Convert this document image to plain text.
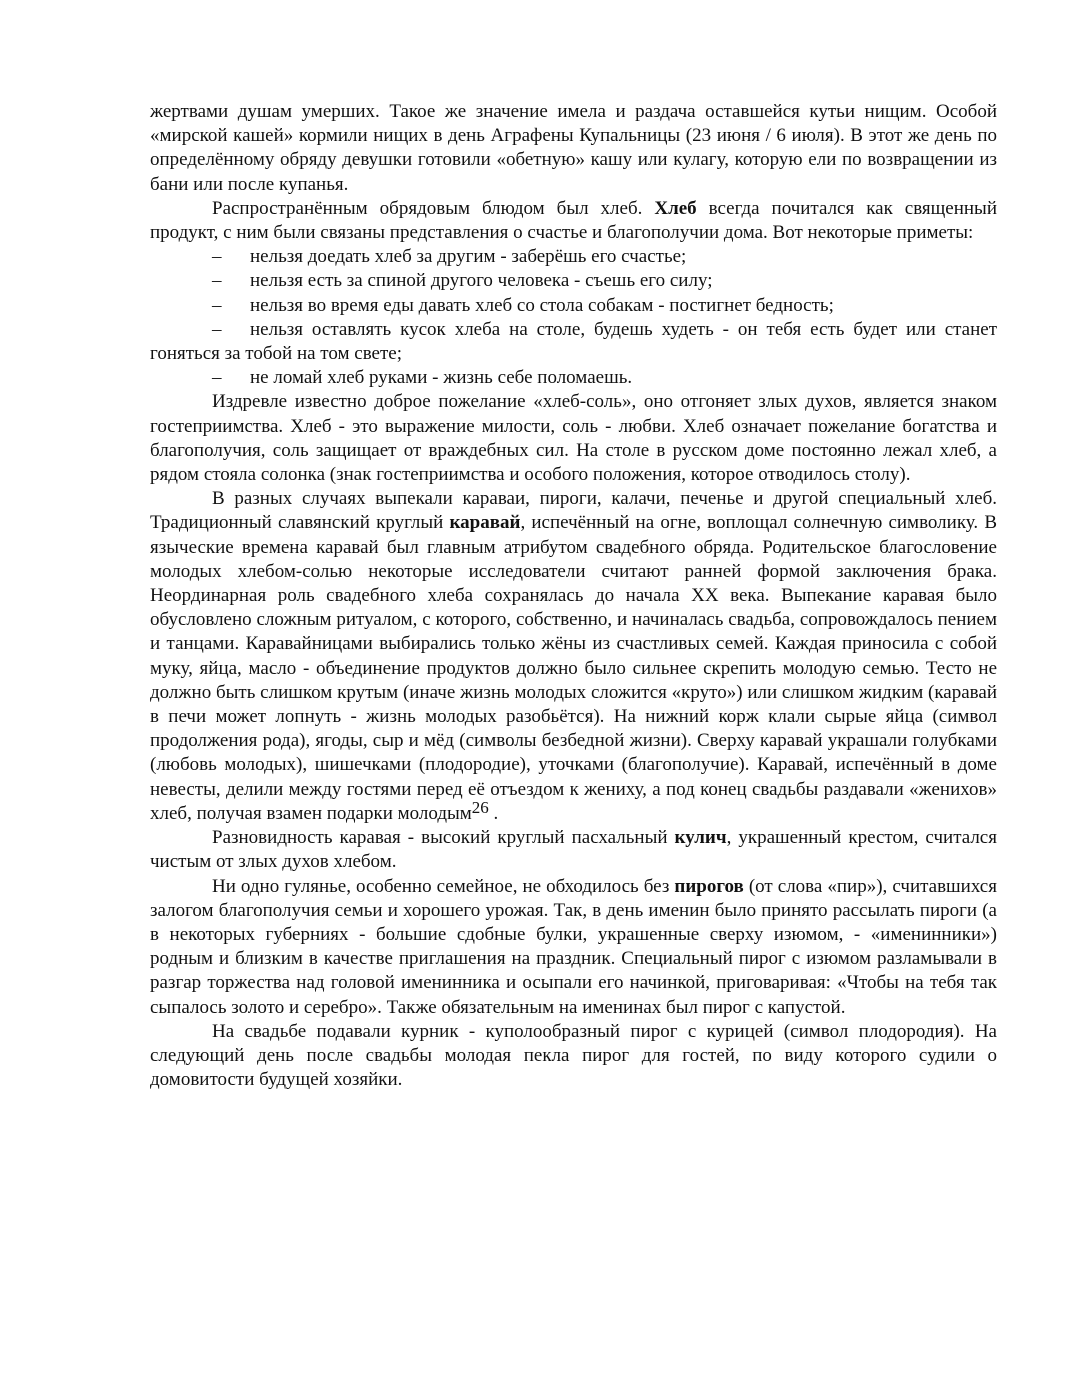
жертвами душам умерших. Такое же значение имела и раздача оставшейся кутьи нищим. Особой «мирской кашей» кормили нищих в день Аграфены Купальницы (23 июня / 6 июля). В этот же день по определённому обряду девушки готовили «обетную» кашу или кулагу, которую ели по возвращении из бани или после купанья.

Распространённым обрядовым блюдом был хлеб. Хлеб всегда почитался как священный продукт, с ним были связаны представления о счастье и благополучии дома. Вот некоторые приметы:

– нельзя доедать хлеб за другим - заберёшь его счастье;
– нельзя есть за спиной другого человека - съешь его силу;
– нельзя во время еды давать хлеб со стола собакам - постигнет бедность;
– нельзя оставлять кусок хлеба на столе, будешь худеть - он тебя есть будет или станет гоняться за тобой на том свете;
– не ломай хлеб руками - жизнь себе поломаешь.

Издревле известно доброе пожелание «хлеб-соль», оно отгоняет злых духов, является знаком гостеприимства. Хлеб - это выражение милости, соль - любви. Хлеб означает пожелание богатства и благополучия, соль защищает от враждебных сил. На столе в русском доме постоянно лежал хлеб, а рядом стояла солонка (знак гостеприимства и особого положения, которое отводилось столу).

В разных случаях выпекали караваи, пироги, калачи, печенье и другой специальный хлеб. Традиционный славянский круглый каравай, испечённый на огне, воплощал солнечную символику. В языческие времена каравай был главным атрибутом свадебного обряда. Родительское благословение молодых хлебом-солью некоторые исследователи считают ранней формой заключения брака. Неординарная роль свадебного хлеба сохранялась до начала XX века. Выпекание каравая было обусловлено сложным ритуалом, с которого, собственно, и начиналась свадьба, сопровождалось пением и танцами. Каравайницами выбирались только жёны из счастливых семей. Каждая приносила с собой муку, яйца, масло - объединение продуктов должно было сильнее скрепить молодую семью. Тесто не должно быть слишком крутым (иначе жизнь молодых сложится «круто») или слишком жидким (каравай в печи может лопнуть - жизнь молодых разобьётся). На нижний корж клали сырые яйца (символ продолжения рода), ягоды, сыр и мёд (символы безбедной жизни). Сверху каравай украшали голубками (любовь молодых), шишечками (плодородие), уточками (благополучие). Каравай, испечённый в доме невесты, делили между гостями перед её отъездом к жениху, а под конец свадьбы раздавали «женихов» хлеб, получая взамен подарки молодым26 .

Разновидность каравая - высокий круглый пасхальный кулич, украшенный крестом, считался чистым от злых духов хлебом.

Ни одно гулянье, особенно семейное, не обходилось без пирогов (от слова «пир»), считавшихся залогом благополучия семьи и хорошего урожая. Так, в день именин было принято рассылать пироги (а в некоторых губерниях - большие сдобные булки, украшенные сверху изюмом, - «именинники») родным и близким в качестве приглашения на праздник. Специальный пирог с изюмом разламывали в разгар торжества над головой именинника и осыпали его начинкой, приговаривая: «Чтобы на тебя так сыпалось золото и серебро». Также обязательным на именинах был пирог с капустой.

На свадьбе подавали курник - куполообразный пирог с курицей (символ плодородия). На следующий день после свадьбы молодая пекла пирог для гостей, по виду которого судили о домовитости будущей хозяйки.
